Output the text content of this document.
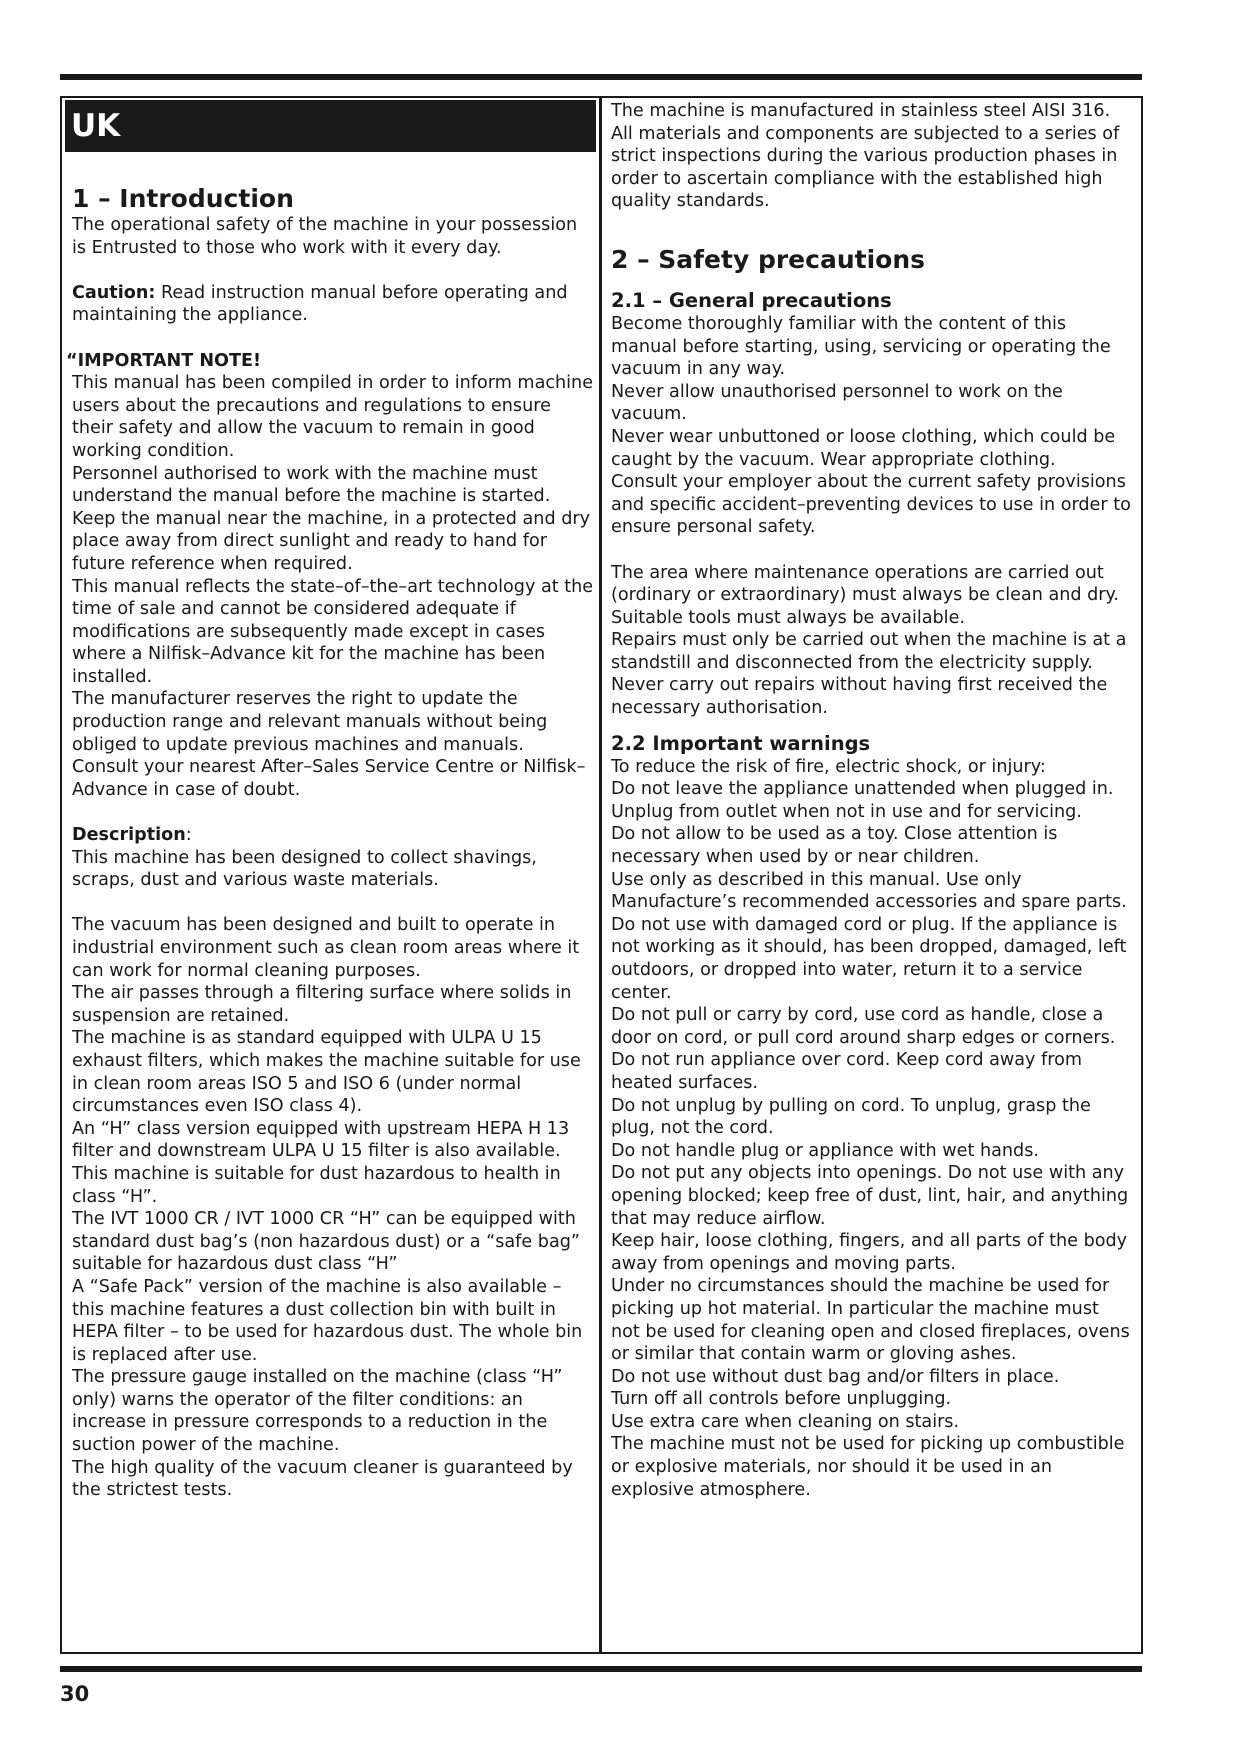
UK
1 – Introduction

The operational safety of the machine in your possession is Entrusted to those who work with it every day.

Caution: Read instruction manual before operating and maintaining the appliance.

“IMPORTANT NOTE!

This manual has been compiled in order to inform machine users about the precautions and regulations to ensure their safety and allow the vacuum to remain in good working condition.

Personnel authorised to work with the machine must understand the manual before the machine is started. Keep the manual near the machine, in a protected and dry place away from direct sunlight and ready to hand for future reference when required.

This manual reflects the state–of–the–art technology at the time of sale and cannot be considered adequate if modifications are subsequently made except in cases where a Nilfisk–Advance kit for the machine has been installed.

The manufacturer reserves the right to update the production range and relevant manuals without being obliged to update previous machines and manuals. Consult your nearest After–Sales Service Centre or Nilfisk–Advance in case of doubt.

Description:

This machine has been designed to collect shavings, scraps, dust and various waste materials.

The vacuum has been designed and built to operate in industrial environment such as clean room areas where it can work for normal cleaning purposes.

The air passes through a filtering surface where solids in suspension are retained.

The machine is as standard equipped with ULPA U 15 exhaust filters, which makes the machine suitable for use in clean room areas ISO 5 and ISO 6 (under normal circumstances even ISO class 4).

An “H” class version equipped with upstream HEPA H 13 filter and downstream ULPA U 15 filter is also available. This machine is suitable for dust hazardous to health in class “H”.

The IVT 1000 CR / IVT 1000 CR “H” can be equipped with standard dust bag’s (non hazardous dust) or a “safe bag” suitable for hazardous dust class “H”

A “Safe Pack” version of the machine is also available – this machine features a dust collection bin with built in HEPA filter – to be used for hazardous dust. The whole bin is replaced after use.

The pressure gauge installed on the machine (class “H” only) warns the operator of the filter conditions: an increase in pressure corresponds to a reduction in the suction power of the machine.

The high quality of the vacuum cleaner is guaranteed by the strictest tests.

The machine is manufactured in stainless steel AISI 316. All materials and components are subjected to a series of strict inspections during the various production phases in order to ascertain compliance with the established high quality standards.

2 – Safety precautions
2.1 – General precautions

Become thoroughly familiar with the content of this manual before starting, using, servicing or operating the vacuum in any way.

Never allow unauthorised personnel to work on the vacuum.

Never wear unbuttoned or loose clothing, which could be caught by the vacuum. Wear appropriate clothing.

Consult your employer about the current safety provisions and specific accident–preventing devices to use in order to ensure personal safety.

The area where maintenance operations are carried out (ordinary or extraordinary) must always be clean and dry.

Suitable tools must always be available.

Repairs must only be carried out when the machine is at a standstill and disconnected from the electricity supply. Never carry out repairs without having first received the necessary authorisation.

2.2 Important warnings

To reduce the risk of fire, electric shock, or injury:

Do not leave the appliance unattended when plugged in. Unplug from outlet when not in use and for servicing.

Do not allow to be used as a toy. Close attention is necessary when used by or near children.

Use only as described in this manual. Use only Manufacture’s recommended accessories and spare parts.

Do not use with damaged cord or plug. If the appliance is not working as it should, has been dropped, damaged, left outdoors, or dropped into water, return it to a service center.

Do not pull or carry by cord, use cord as handle, close a door on cord, or pull cord around sharp edges or corners. Do not run appliance over cord. Keep cord away from heated surfaces.

Do not unplug by pulling on cord. To unplug, grasp the plug, not the cord.

Do not handle plug or appliance with wet hands.

Do not put any objects into openings. Do not use with any opening blocked; keep free of dust, lint, hair, and anything that may reduce airflow.

Keep hair, loose clothing, fingers, and all parts of the body away from openings and moving parts.

Under no circumstances should the machine be used for picking up hot material. In particular the machine must not be used for cleaning open and closed fireplaces, ovens or similar that contain warm or gloving ashes.

Do not use without dust bag and/or filters in place.

Turn off all controls before unplugging.

Use extra care when cleaning on stairs.

The machine must not be used for picking up combustible or explosive materials, nor should it be used in an explosive atmosphere.

30
